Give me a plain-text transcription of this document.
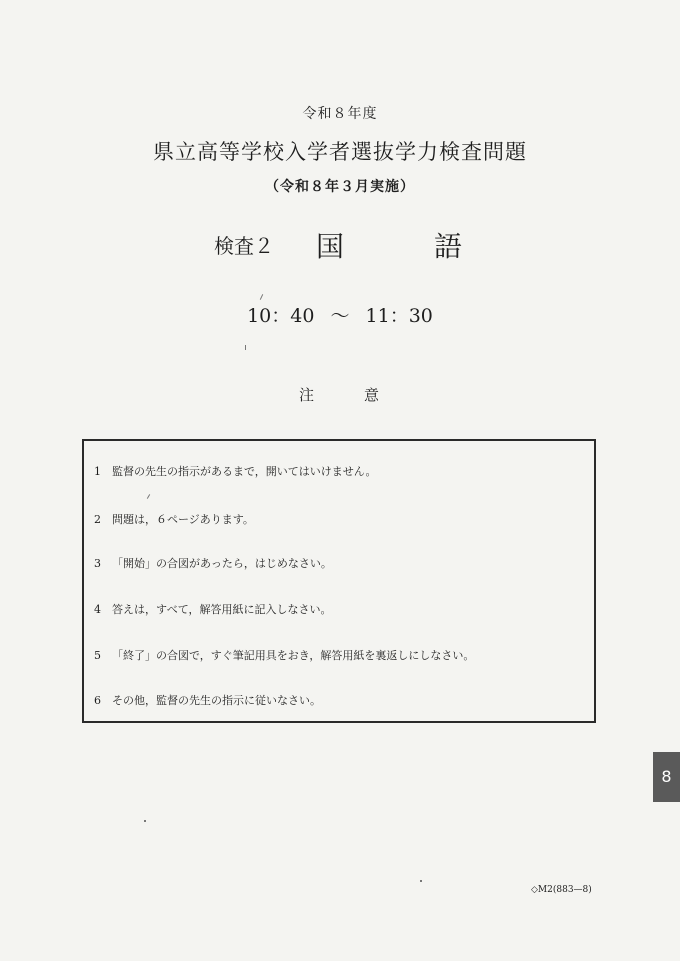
令和８年度
県立高等学校入学者選抜学力検査問題
（令和８年３月実施）
検査２ 国	語
10：40 ～ 11：30
注	意
1 監督の先生の指示があるまで，開いてはいけません。
2 問題は，６ページあります。
3 「開始」の合図があったら，はじめなさい。
4 答えは，すべて，解答用紙に記入しなさい。
5 「終了」の合図で，すぐ筆記用具をおき，解答用紙を裏返しにしなさい。
6 その他，監督の先生の指示に従いなさい。
8
◇M2(883—8)
